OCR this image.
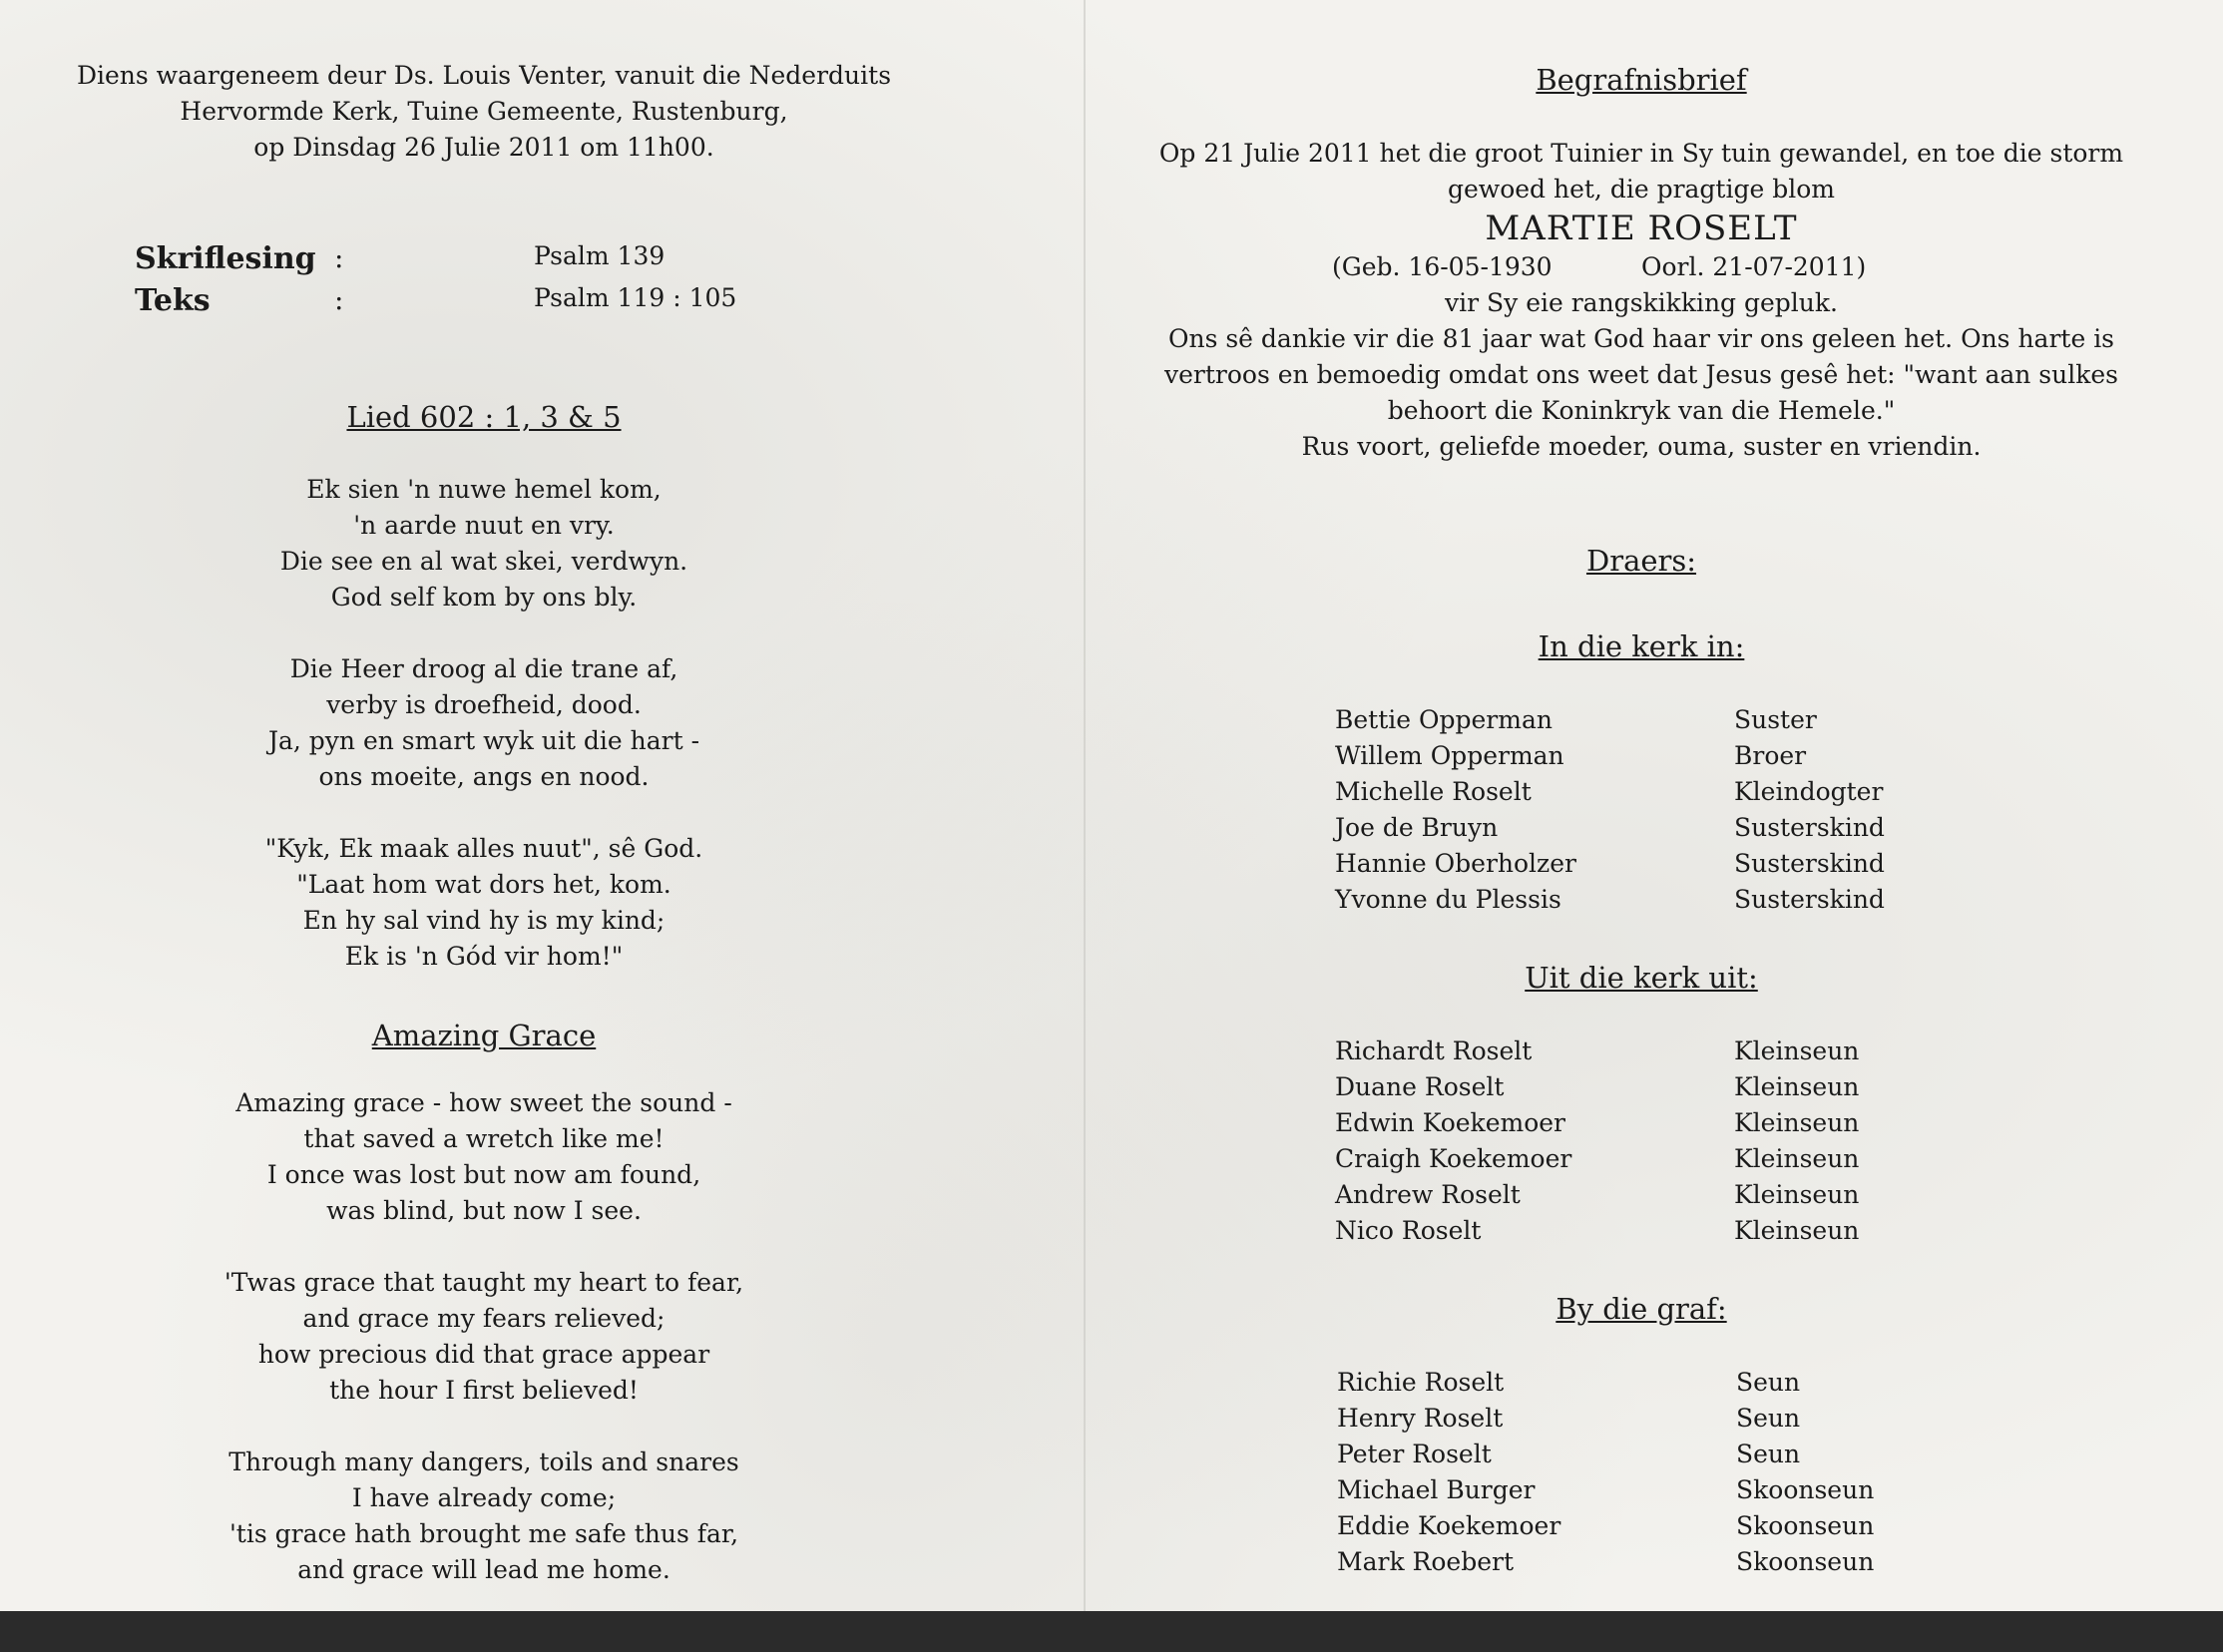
Diens waargeneem deur Ds. Louis Venter, vanuit die Nederduits

Hervormde Kerk, Tuine Gemeente, Rustenburg,

op Dinsdag 26 Julie 2011 om 11h00.

Skriflesing :	Psalm 139
Teks	:	Psalm 119 : 105
Lied 602 : 1, 3 & 5

Ek sien 'n nuwe hemel kom,

'n aarde nuut en vry.

Die see en al wat skei, verdwyn.

God self kom by ons bly.

Die Heer droog al die trane af,

verby is droefheid, dood.

Ja, pyn en smart wyk uit die hart -

ons moeite, angs en nood.

"Kyk, Ek maak alles nuut", sê God.

"Laat hom wat dors het, kom.

En hy sal vind hy is my kind;

Ek is 'n Gód vir hom!"

Amazing Grace

Amazing grace - how sweet the sound -

that saved a wretch like me!

I once was lost but now am found,

was blind, but now I see.

'Twas grace that taught my heart to fear,

and grace my fears relieved;

how precious did that grace appear

the hour I first believed!

Through many dangers, toils and snares

I have already come;

'tis grace hath brought me safe thus far,

and grace will lead me home.

Begrafnisbrief

Op 21 Julie 2011 het die groot Tuinier in Sy tuin gewandel, en toe die storm

gewoed het, die pragtige blom

MARTIE ROSELT

(Geb. 16-05-1930	Oorl. 21-07-2011)

vir Sy eie rangskikking gepluk.

Ons sê dankie vir die 81 jaar wat God haar vir ons geleen het. Ons harte is

vertroos en bemoedig omdat ons weet dat Jesus gesê het: "want aan sulkes

behoort die Koninkryk van die Hemele."

Rus voort, geliefde moeder, ouma, suster en vriendin.

Draers:
In die kerk in:
Bettie Opperman	Suster
Willem Opperman	Broer
Michelle Roselt	Kleindogter
Joe de Bruyn	Susterskind
Hannie Oberholzer	Susterskind
Yvonne du Plessis	Susterskind
Uit die kerk uit:
Richardt Roselt	Kleinseun
Duane Roselt	Kleinseun
Edwin Koekemoer	Kleinseun
Craigh Koekemoer	Kleinseun
Andrew Roselt	Kleinseun
Nico Roselt	Kleinseun
By die graf:
Richie Roselt	Seun
Henry Roselt	Seun
Peter Roselt	Seun
Michael Burger	Skoonseun
Eddie Koekemoer	Skoonseun
Mark Roebert	Skoonseun
